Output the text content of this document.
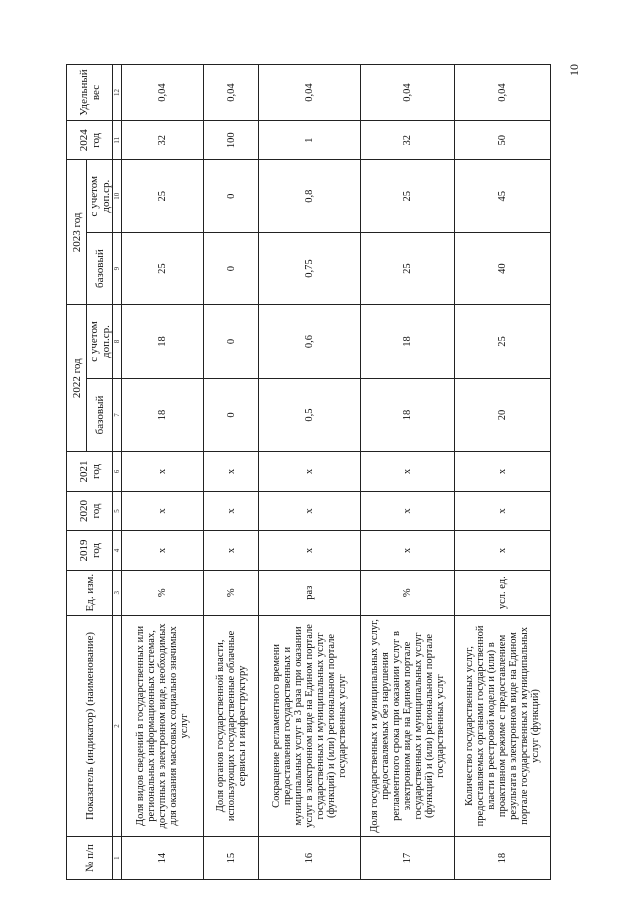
10
№ п/п	Показатель (индикатор) (наименование)	Ед. изм.	2019 год	2020 год	2021 год	2022 год		2023 год		2024 год	Удельный вес
						базовый	с учетом доп.ср.	базовый	с учетом доп.ср.		
1	2	3	4	5	6	7	8	9	10	11	12
14	Доля видов сведений в государственных или региональных информационных системах, доступных в электронном виде, необходимых для оказания массовых социально значимых услуг	%	х	х	х	18	18	25	25	32	0,04
15	Доля органов государственной власти, использующих государственные облачные сервисы и инфраструктуру	%	х	х	х	0	0	0	0	100	0,04
16	Сокращение регламентного времени предоставления государственных и муниципальных услуг в 3 раза при оказании услуг в электронном виде на Едином портале государственных и муниципальных услуг (функций) и (или) региональном портале государственных услуг	раз	х	х	х	0,5	0,6	0,75	0,8	1	0,04
17	Доля государственных и муниципальных услуг, предоставляемых без нарушения регламентного срока при оказании услуг в электронном виде на Едином портале государственных и муниципальных услуг (функций) и (или) региональном портале государственных услуг	%	х	х	х	18	18	25	25	32	0,04
18	Количество государственных услуг, предоставляемых органами государственной власти в реестровой модели и (или) в проактивном режиме с предоставлением результата в электронном виде на Едином портале государственных и муниципальных услуг (функций)	усл. ед.	х	х	х	20	25	40	45	50	0,04
